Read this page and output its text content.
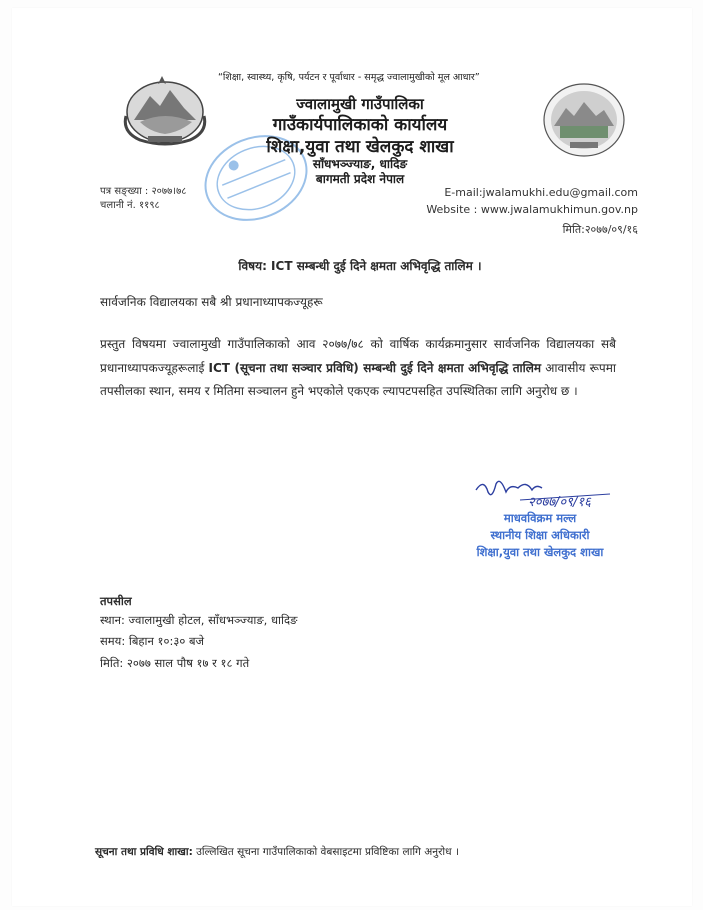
“शिक्षा, स्वास्थ्य, कृषि, पर्यटन र पूर्वाधार - समृद्ध ज्वालामुखीको मूल आधार”
ज्वालामुखी गाउँपालिका
गाउँकार्यपालिकाको कार्यालय
शिक्षा,युवा तथा खेलकुद शाखा
साँधभञ्ज्याङ, धादिङ
बागमती प्रदेश नेपाल
पत्र सङ्ख्या : २०७७।७८
चलानी नं. ११९८
E-mail:jwalamukhi.edu@gmail.com
Website : www.jwalamukhimun.gov.np
मिति:२०७७/०९/१६
विषय: ICT सम्बन्धी दुई दिने क्षमता अभिवृद्धि तालिम ।
सार्वजनिक विद्यालयका सबै श्री प्रधानाध्यापकज्यूहरू
प्रस्तुत विषयमा ज्वालामुखी गाउँपालिकाको आव २०७७/७८ को वार्षिक कार्यक्रमानुसार सार्वजनिक विद्यालयका सबै प्रधानाध्यापकज्यूहरूलाई ICT (सूचना तथा सञ्चार प्रविधि) सम्बन्धी दुई दिने क्षमता अभिवृद्धि तालिम आवासीय रूपमा तपसीलका स्थान, समय र मितिमा सञ्चालन हुने भएकोले एकएक ल्यापटपसहित उपस्थितिका लागि अनुरोध छ ।
२०७७/०९/१६
माधवविक्रम मल्ल
स्थानीय शिक्षा अधिकारी
शिक्षा,युवा तथा खेलकुद शाखा
तपसील
स्थान: ज्वालामुखी होटल, साँधभञ्ज्याङ, धादिङ
समय: बिहान १०:३० बजे
मिति: २०७७ साल पौष १७ र १८ गते
सूचना तथा प्रविधि शाखा: उल्लिखित सूचना गाउँपालिकाको वेबसाइटमा प्रविष्टिका लागि अनुरोध ।
